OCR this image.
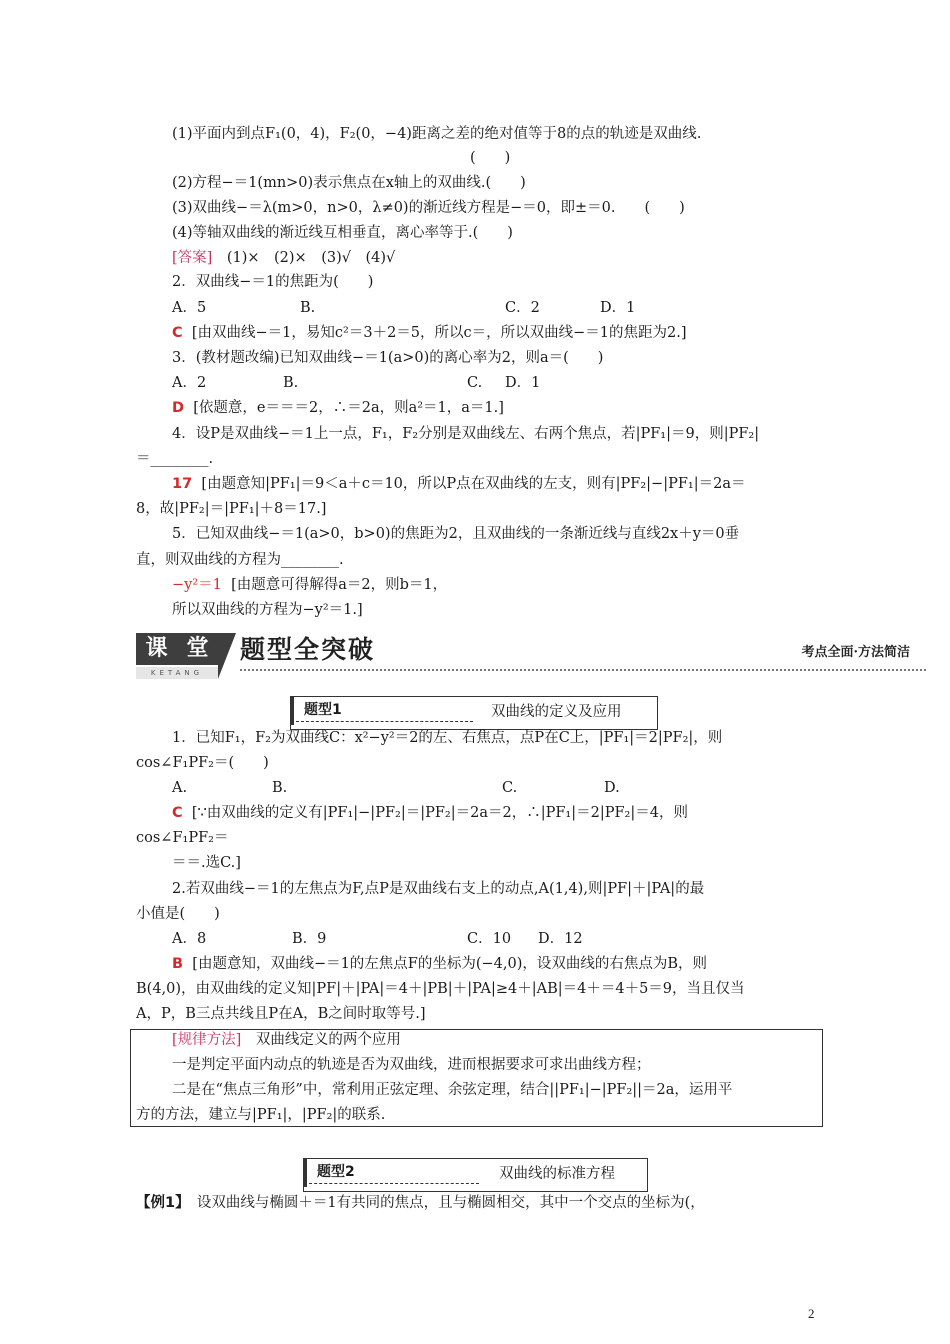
(1)平面内到点F₁(0，4)，F₂(0，−4)距离之差的绝对值等于8的点的轨迹是双曲线.
(　　)
(2)方程−＝1(mn>0)表示焦点在x轴上的双曲线.(　　)
(3)双曲线−＝λ(m>0，n>0，λ≠0)的渐近线方程是−＝0，即±＝0.　　(　　)
(4)等轴双曲线的渐近线互相垂直，离心率等于.(　　)
[答案]　(1)×　(2)×　(3)√　(4)√
2．双曲线−＝1的焦距为(　　)
A．5	B.	C．2	D．1
C [由双曲线−＝1，易知c²＝3＋2＝5，所以c＝，所以双曲线−＝1的焦距为2.]
3．(教材题改编)已知双曲线−＝1(a>0)的离心率为2，则a＝(　　)
A．2	B.	C. D．1
D [依题意，e＝＝＝2，∴＝2a，则a²＝1，a＝1.]
4．设P是双曲线−＝1上一点，F₁，F₂分别是双曲线左、右两个焦点，若|PF₁|＝9，则|PF₂|
＝________.
17 [由题意知|PF₁|＝9＜a＋c＝10，所以P点在双曲线的左支，则有|PF₂|−|PF₁|＝2a＝
8，故|PF₂|＝|PF₁|＋8＝17.]
5．已知双曲线−＝1(a>0，b>0)的焦距为2，且双曲线的一条渐近线与直线2x＋y＝0垂
直，则双曲线的方程为________.
−y²＝1 [由题意可得解得a＝2，则b＝1，
所以双曲线的方程为−y²＝1.]
课 堂
KETANG
题型全突破	考点全面·方法简洁
题型1	双曲线的定义及应用
1．已知F₁，F₂为双曲线C：x²−y²＝2的左、右焦点，点P在C上，|PF₁|＝2|PF₂|，则
cos∠F₁PF₂＝(　　)
A.	B.	C.	D.
C [∵由双曲线的定义有|PF₁|−|PF₂|＝|PF₂|＝2a＝2，∴|PF₁|＝2|PF₂|＝4，则
cos∠F₁PF₂＝
＝＝.选C.]
2.若双曲线−＝1的左焦点为F,点P是双曲线右支上的动点,A(1,4),则|PF|＋|PA|的最
小值是(　　)
A．8	B．9	C．10 D．12
B [由题意知，双曲线−＝1的左焦点F的坐标为(−4,0)，设双曲线的右焦点为B，则
B(4,0)，由双曲线的定义知|PF|＋|PA|＝4＋|PB|＋|PA|≥4＋|AB|＝4＋＝4＋5＝9，当且仅当
A，P，B三点共线且P在A，B之间时取等号.]
[规律方法]　双曲线定义的两个应用
一是判定平面内动点的轨迹是否为双曲线，进而根据要求可求出曲线方程；
二是在“焦点三角形”中，常利用正弦定理、余弦定理，结合||PF₁|−|PF₂||＝2a，运用平
方的方法，建立与|PF₁|，|PF₂|的联系.
题型2	双曲线的标准方程
【例1】　设双曲线与椭圆＋＝1有共同的焦点，且与椭圆相交，其中一个交点的坐标为(，
2
